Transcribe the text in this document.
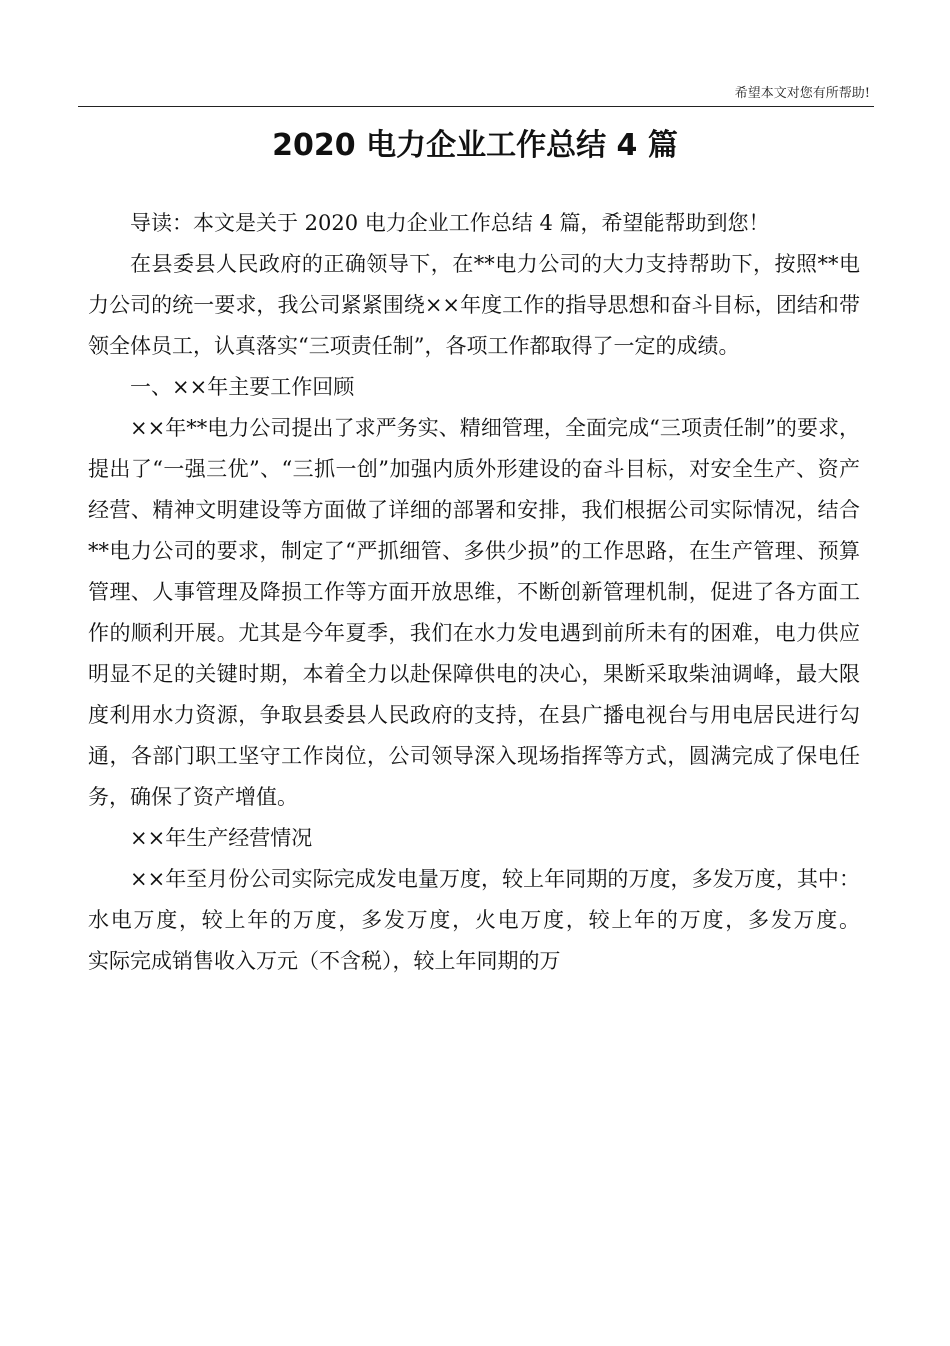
希望本文对您有所帮助!
2020 电力企业工作总结 4 篇

导读：本文是关于 2020 电力企业工作总结 4 篇，希望能帮助到您！

在县委县人民政府的正确领导下，在**电力公司的大力支持帮助下，按照**电力公司的统一要求，我公司紧紧围绕××年度工作的指导思想和奋斗目标，团结和带领全体员工，认真落实“三项责任制”，各项工作都取得了一定的成绩。

一、××年主要工作回顾

××年**电力公司提出了求严务实、精细管理，全面完成“三项责任制”的要求，提出了“一强三优”、“三抓一创”加强内质外形建设的奋斗目标，对安全生产、资产经营、精神文明建设等方面做了详细的部署和安排，我们根据公司实际情况，结合**电力公司的要求，制定了“严抓细管、多供少损”的工作思路，在生产管理、预算管理、人事管理及降损工作等方面开放思维，不断创新管理机制，促进了各方面工作的顺利开展。尤其是今年夏季，我们在水力发电遇到前所未有的困难，电力供应明显不足的关键时期，本着全力以赴保障供电的决心，果断采取柴油调峰，最大限度利用水力资源，争取县委县人民政府的支持，在县广播电视台与用电居民进行勾通，各部门职工坚守工作岗位，公司领导深入现场指挥等方式，圆满完成了保电任务，确保了资产增值。

××年生产经营情况

××年至月份公司实际完成发电量万度，较上年同期的万度，多发万度，其中：水电万度，较上年的万度，多发万度，火电万度，较上年的万度，多发万度。        实际完成销售收入万元（不含税），较上年同期的万
